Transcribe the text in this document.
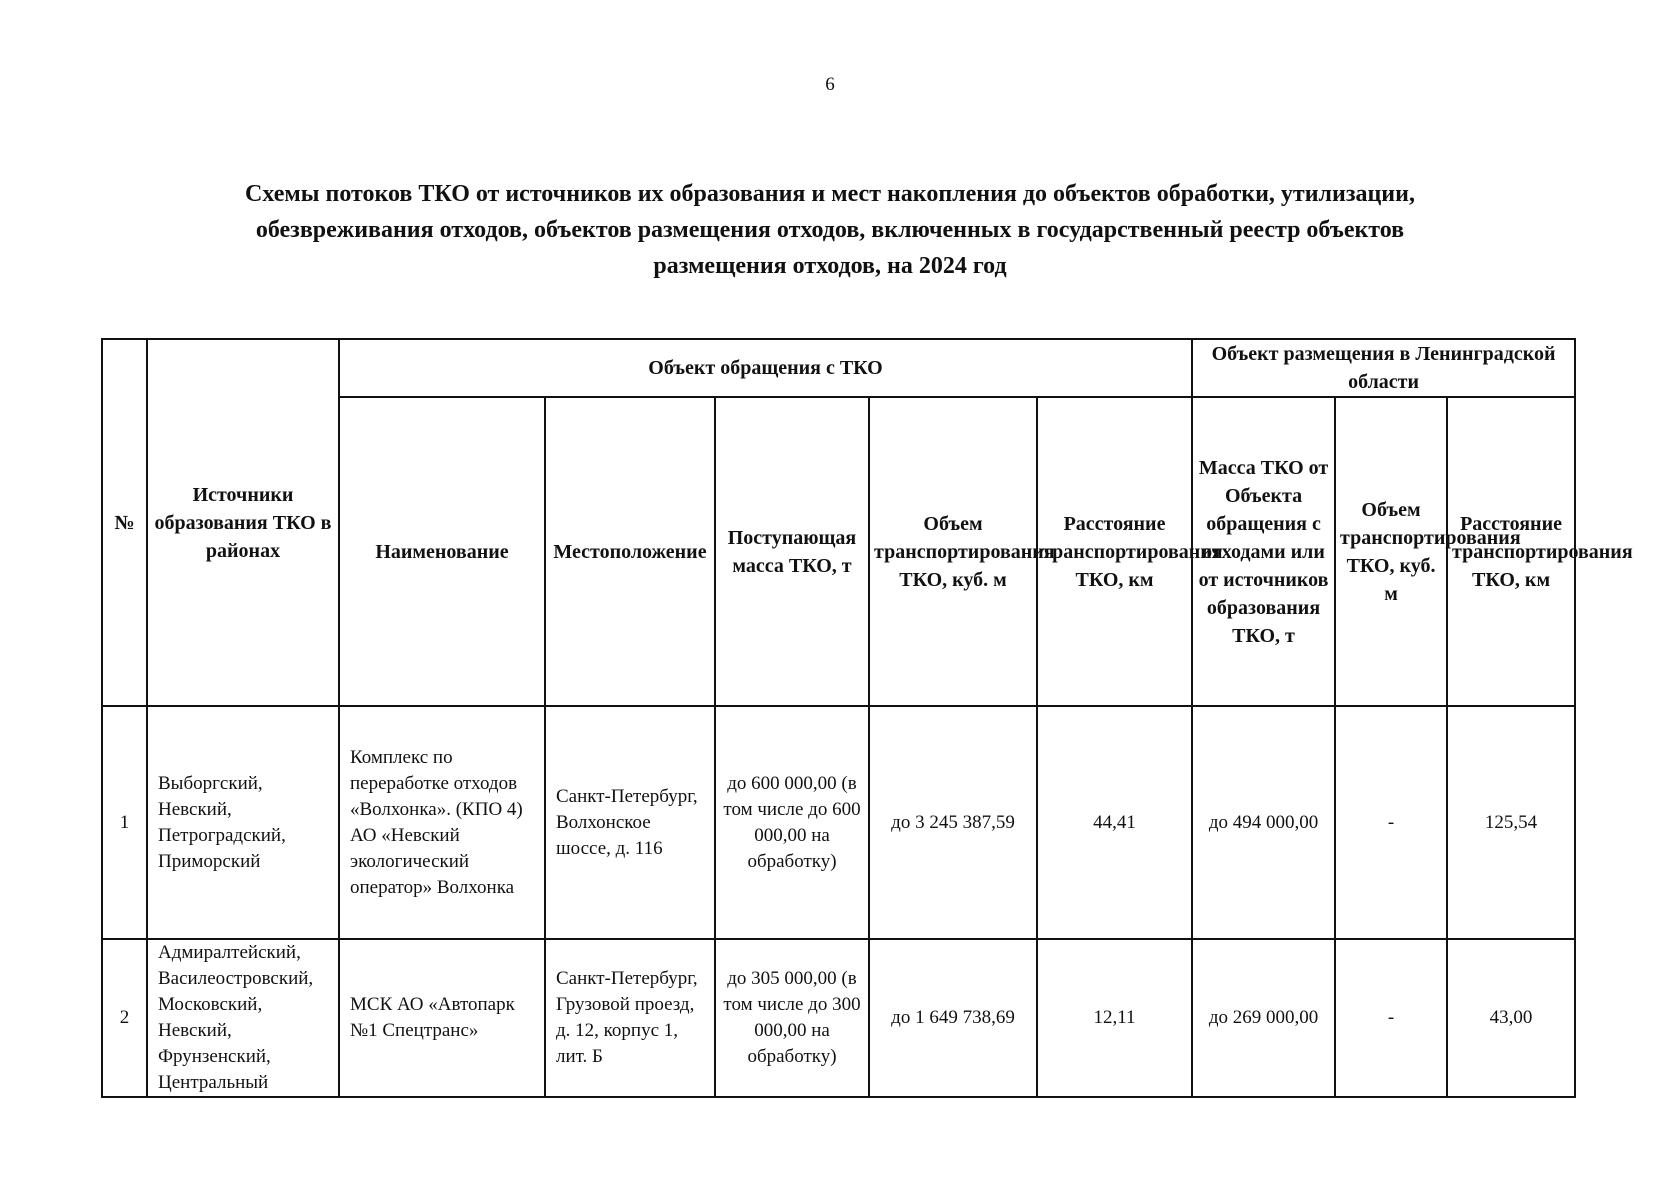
6
Схемы потоков ТКО от источников их образования и мест накопления до объектов обработки, утилизации,
обезвреживания отходов, объектов размещения отходов, включенных в государственный реестр объектов
размещения отходов, на 2024 год
№	Источники образования ТКО в районах	Объект обращения с ТКО					Объект размещения в Ленинградской области		
		Наименование	Местоположение	Поступающая масса ТКО, т	Объем транспортирования ТКО, куб. м	Расстояние транспортирования ТКО, км	Масса ТКО от Объекта обращения с отходами или от источников образования ТКО, т	Объем транспортирования ТКО, куб. м	Расстояние транспортирования ТКО, км
1	Выборгский, Невский, Петроградский, Приморский	Комплекс по переработке отходов «Волхонка». (КПО 4) АО «Невский экологический оператор» Волхонка	Санкт-Петербург, Волхонское шоссе, д. 116	до 600 000,00 (в том числе до 600 000,00 на обработку)	до 3 245 387,59	44,41	до 494 000,00	-	125,54
2	Адмиралтейский, Василеостровский, Московский, Невский, Фрунзенский, Центральный	МСК АО «Автопарк №1 Спецтранс»	Санкт-Петербург, Грузовой проезд, д. 12, корпус 1, лит. Б	до 305 000,00 (в том числе до 300 000,00 на обработку)	до 1 649 738,69	12,11	до 269 000,00	-	43,00
